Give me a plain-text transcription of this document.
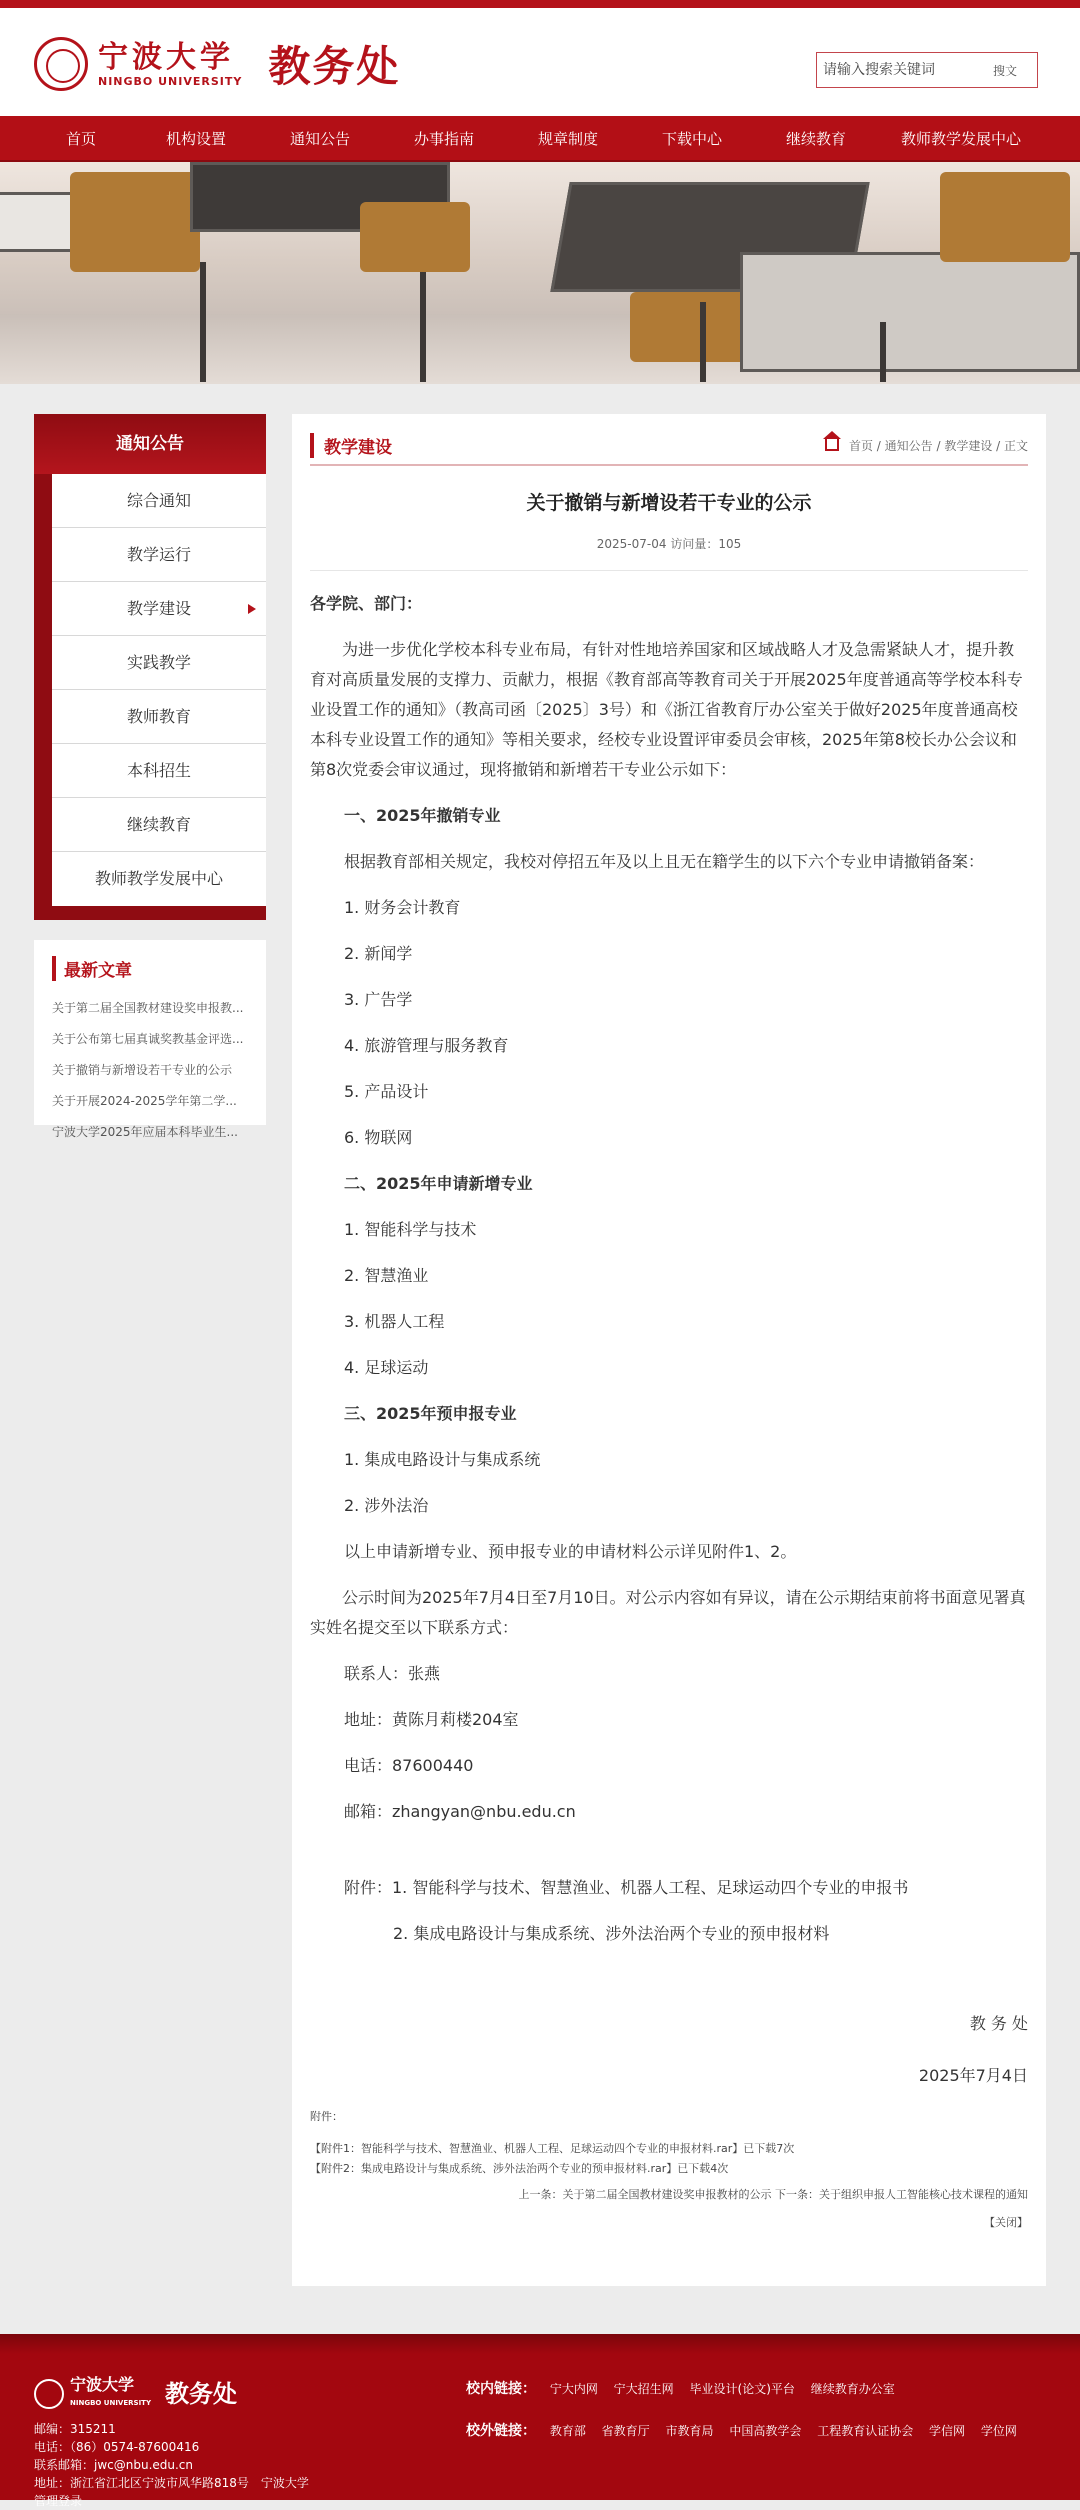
宁波大学
NINGBO UNIVERSITY 教务处
请输入搜索关键词	搜文
首页	机构设置	通知公告	办事指南	规章制度	下载中心	继续教育	教师教学发展中心
通知公告
综合通知
教学运行
教学建设
实践教学
教师教育
本科招生
继续教育
教师教学发展中心
最新文章

关于第二届全国教材建设奖申报教...

关于公布第七届真诚奖教基金评选...

关于撤销与新增设若干专业的公示

关于开展2024-2025学年第二学...

宁波大学2025年应届本科毕业生...

教学建设	首页 / 通知公告 / 教学建设 / 正文
关于撤销与新增设若干专业的公示
2025-07-04 访问量：105

各学院、部门：

为进一步优化学校本科专业布局，有针对性地培养国家和区域战略人才及急需紧缺人才，提升教育对高质量发展的支撑力、贡献力，根据《教育部高等教育司关于开展2025年度普通高等学校本科专业设置工作的通知》（教高司函〔2025〕3号）和《浙江省教育厅办公室关于做好2025年度普通高校本科专业设置工作的通知》等相关要求，经校专业设置评审委员会审核，2025年第8校长办公会议和第8次党委会审议通过，现将撤销和新增若干专业公示如下：

一、2025年撤销专业

根据教育部相关规定，我校对停招五年及以上且无在籍学生的以下六个专业申请撤销备案：

1. 财务会计教育

2. 新闻学

3. 广告学

4. 旅游管理与服务教育

5. 产品设计

6. 物联网

二、2025年申请新增专业

1. 智能科学与技术

2. 智慧渔业

3. 机器人工程

4. 足球运动

三、2025年预申报专业

1. 集成电路设计与集成系统

2. 涉外法治

以上申请新增专业、预申报专业的申请材料公示详见附件1、2。

公示时间为2025年7月4日至7月10日。对公示内容如有异议，请在公示期结束前将书面意见署真实姓名提交至以下联系方式：

联系人：张燕

地址：黄陈月莉楼204室

电话：87600440

邮箱：zhangyan@nbu.edu.cn

附件：1. 智能科学与技术、智慧渔业、机器人工程、足球运动四个专业的申报书

2. 集成电路设计与集成系统、涉外法治两个专业的预申报材料

教 务 处

2025年7月4日

附件：

【附件1：智能科学与技术、智慧渔业、机器人工程、足球运动四个专业的申报材料.rar】已下载7次

【附件2：集成电路设计与集成系统、涉外法治两个专业的预申报材料.rar】已下载4次

上一条：关于第二届全国教材建设奖申报教材的公示 下一条：关于组织申报人工智能核心技术课程的通知

【关闭】

宁波大学
NINGBO UNIVERSITY 教务处
邮编：315211
电话：（86）0574-87600416
联系邮箱：jwc@nbu.edu.cn
地址：浙江省江北区宁波市风华路818号　宁波大学
管理登录
校内链接： 宁大内网 宁大招生网 毕业设计(论文)平台 继续教育办公室
校外链接： 教育部 省教育厅 市教育局 中国高教学会 工程教育认证协会 学信网 学位网
